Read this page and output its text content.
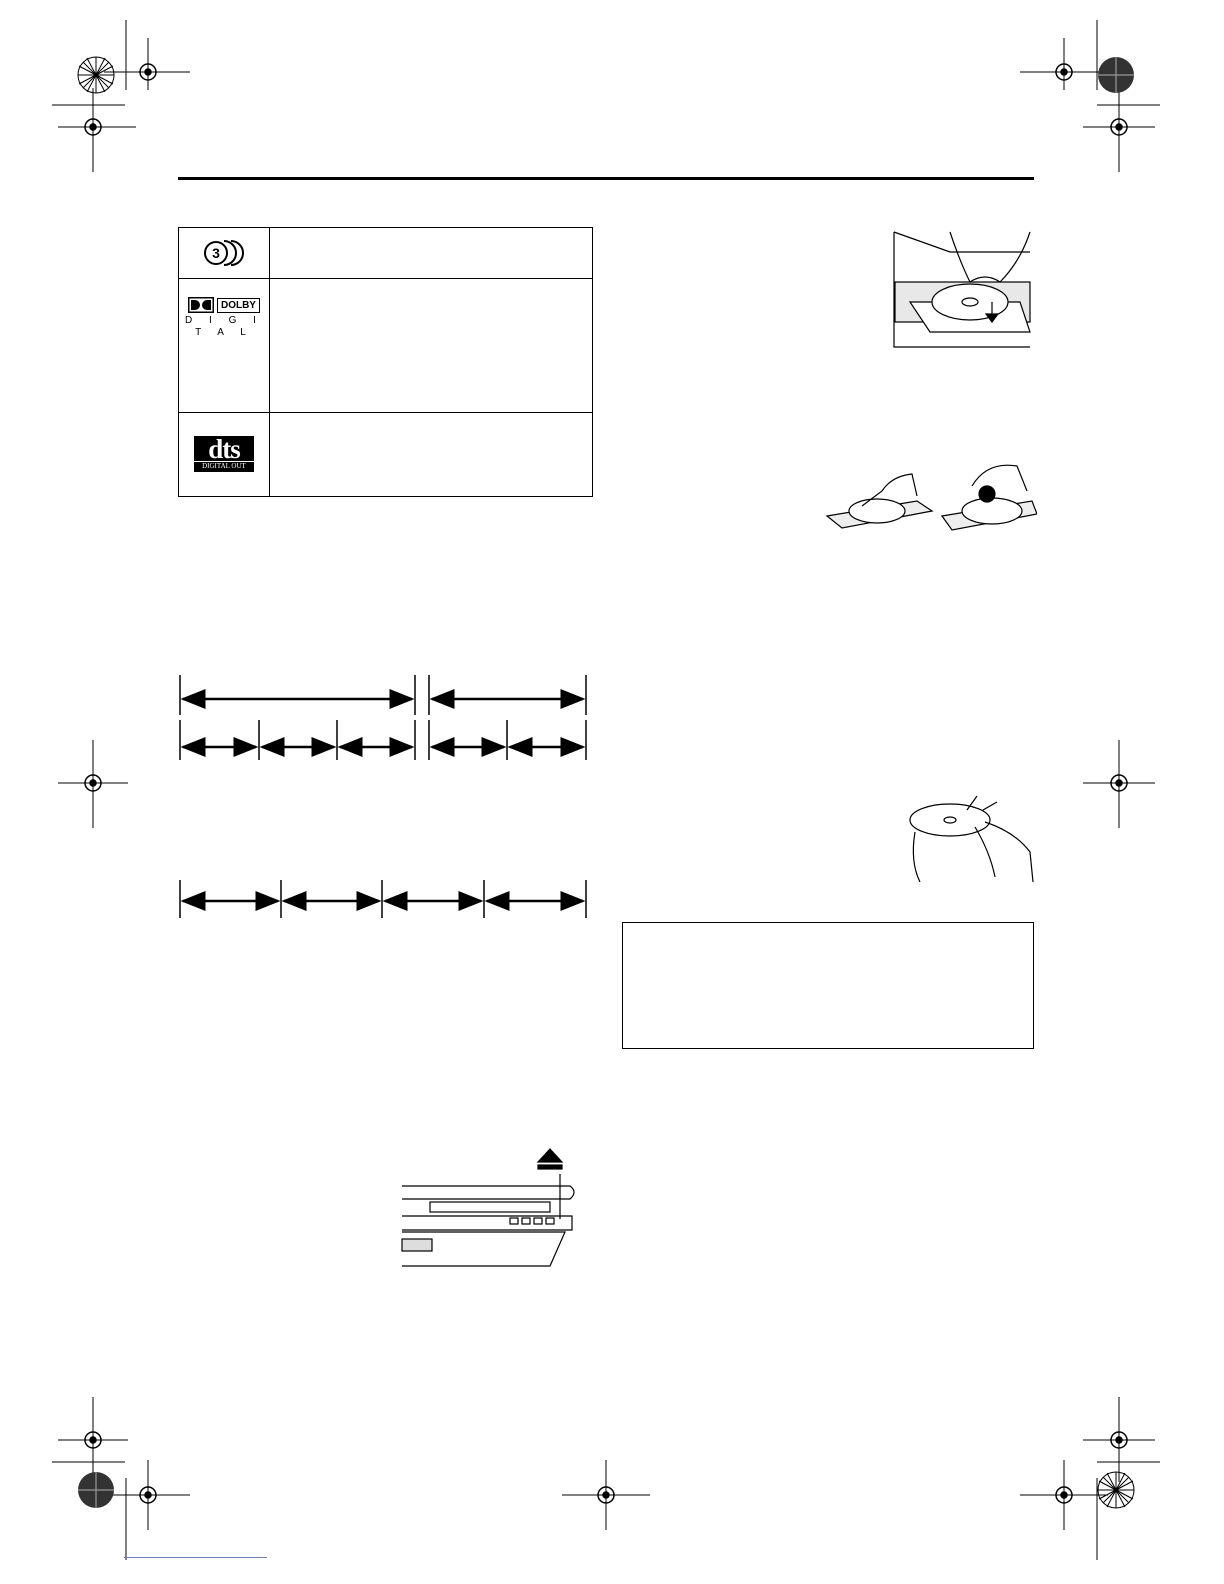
3	

DOLBY
D I G I T A L	

dts
DIGITAL OUT	
